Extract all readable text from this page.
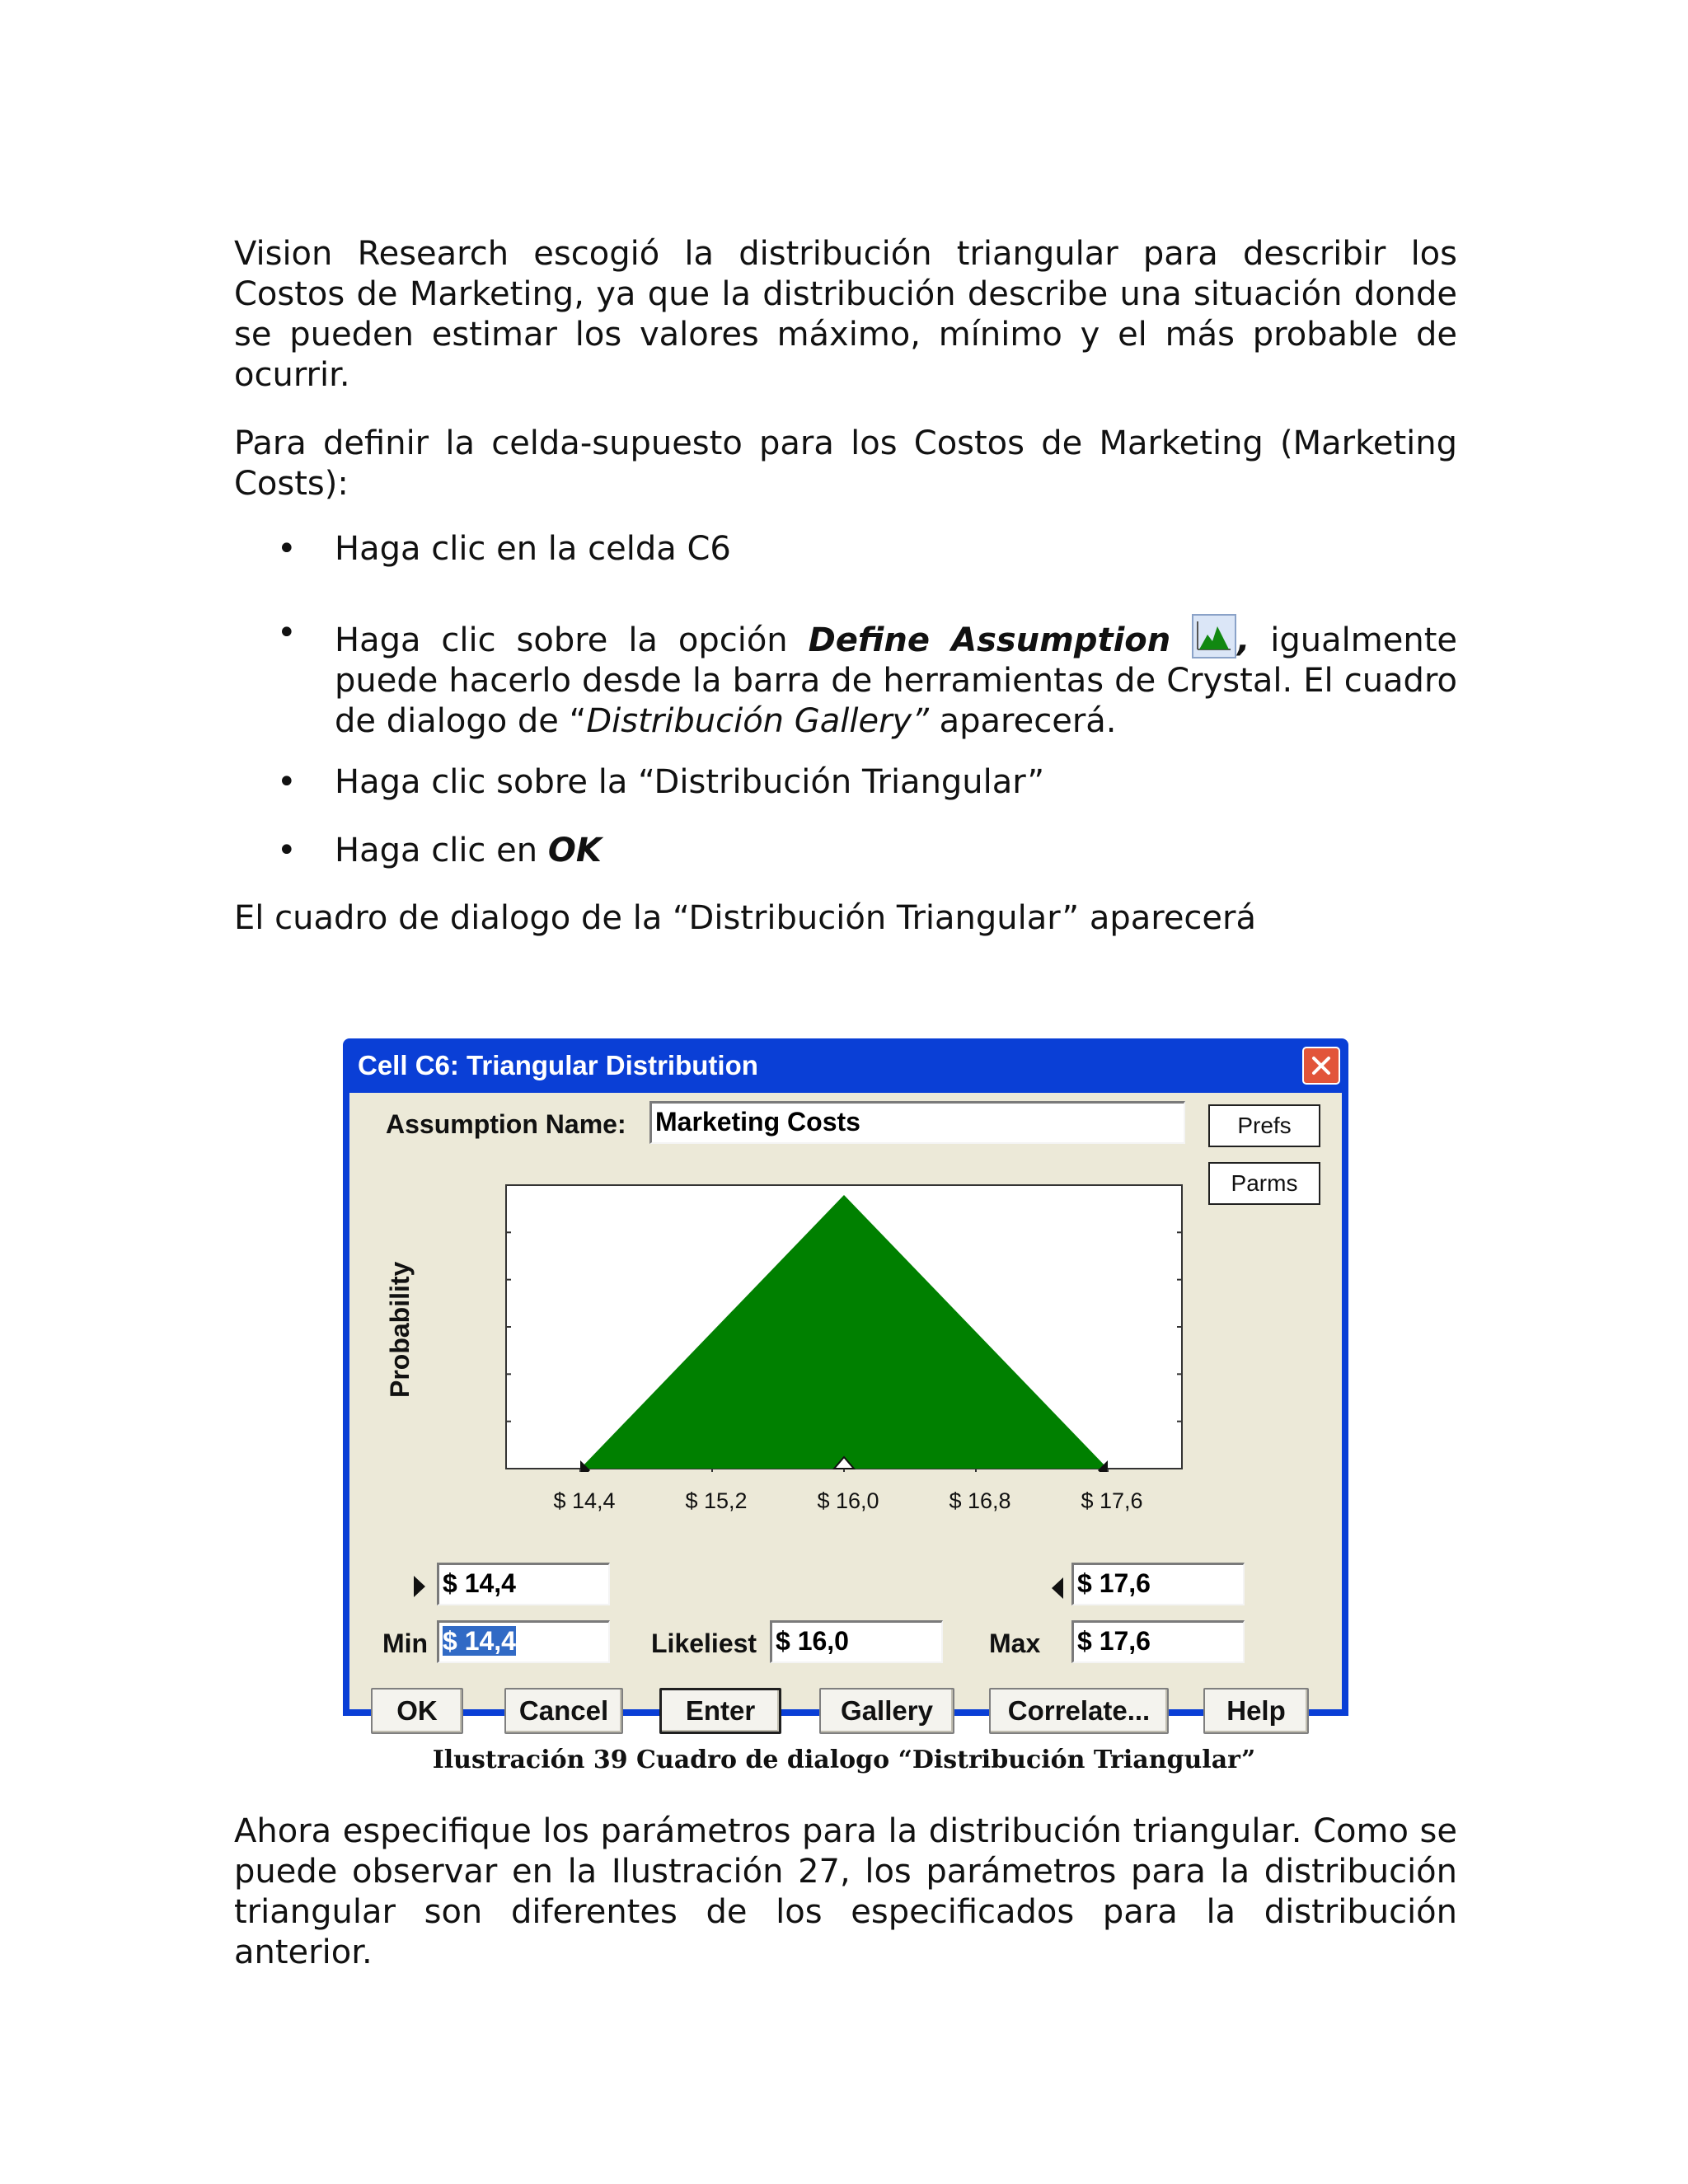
Vision Research escogió la distribución triangular para describir los Costos de Marketing, ya que la distribución describe una situación donde se pueden estimar los valores máximo, mínimo y el más probable de ocurrir.

Para definir la celda-supuesto para los Costos de Marketing (Marketing Costs):

• Haga clic en la celda C6
• Haga clic sobre la opción Define Assumption , igualmente puede hacerlo desde la barra de herramientas de Crystal. El cuadro de dialogo de “Distribución Gallery” aparecerá.
• Haga clic sobre la “Distribución Triangular”
• Haga clic en OK

El cuadro de dialogo de la “Distribución Triangular” aparecerá

Cell C6: Triangular Distribution
Assumption Name: Marketing Costs	Prefs
Parms
Probability
$ 14,4	$ 15,2	$ 16,0	$ 16,8	$ 17,6
$ 14,4	$ 17,6
Min $ 14,4	Likeliest $ 16,0	Max $ 17,6
OK	Cancel	Enter	Gallery	Correlate...	Help
Ilustración 39 Cuadro de dialogo “Distribución Triangular”

Ahora especifique los parámetros para la distribución triangular. Como se puede observar en la Ilustración 27, los parámetros para la distribución triangular son diferentes de los especificados para la distribución anterior.
